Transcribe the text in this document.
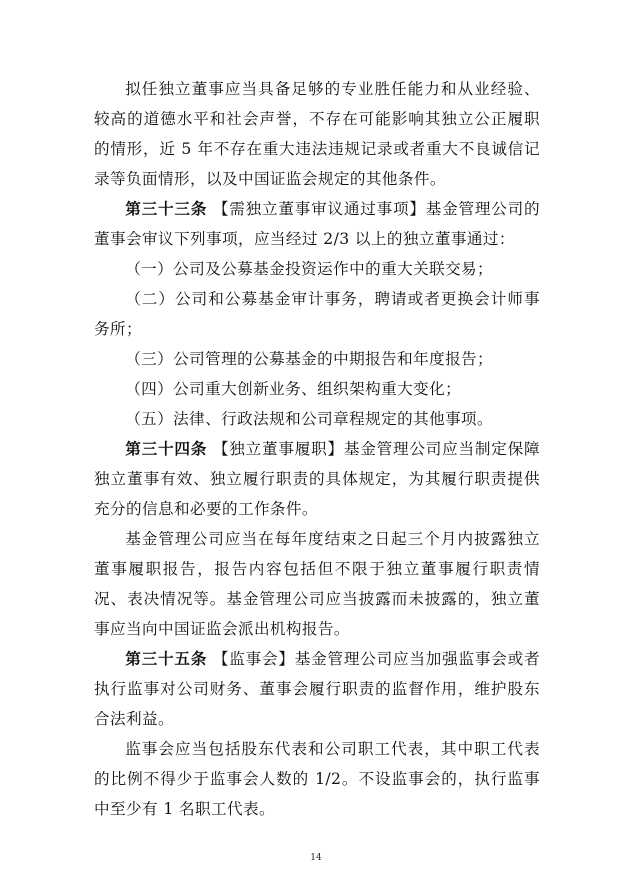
拟任独立董事应当具备足够的专业胜任能力和从业经验、较高的道德水平和社会声誉，不存在可能影响其独立公正履职的情形，近 5 年不存在重大违法违规记录或者重大不良诚信记录等负面情形，以及中国证监会规定的其他条件。

第三十三条 【需独立董事审议通过事项】基金管理公司的董事会审议下列事项，应当经过 2/3 以上的独立董事通过：

（一）公司及公募基金投资运作中的重大关联交易；

（二）公司和公募基金审计事务，聘请或者更换会计师事务所；

（三）公司管理的公募基金的中期报告和年度报告；

（四）公司重大创新业务、组织架构重大变化；

（五）法律、行政法规和公司章程规定的其他事项。

第三十四条 【独立董事履职】基金管理公司应当制定保障独立董事有效、独立履行职责的具体规定，为其履行职责提供充分的信息和必要的工作条件。

基金管理公司应当在每年度结束之日起三个月内披露独立董事履职报告，报告内容包括但不限于独立董事履行职责情况、表决情况等。基金管理公司应当披露而未披露的，独立董事应当向中国证监会派出机构报告。

第三十五条 【监事会】基金管理公司应当加强监事会或者执行监事对公司财务、董事会履行职责的监督作用，维护股东合法利益。

监事会应当包括股东代表和公司职工代表，其中职工代表的比例不得少于监事会人数的 1/2。不设监事会的，执行监事中至少有 1 名职工代表。

14
